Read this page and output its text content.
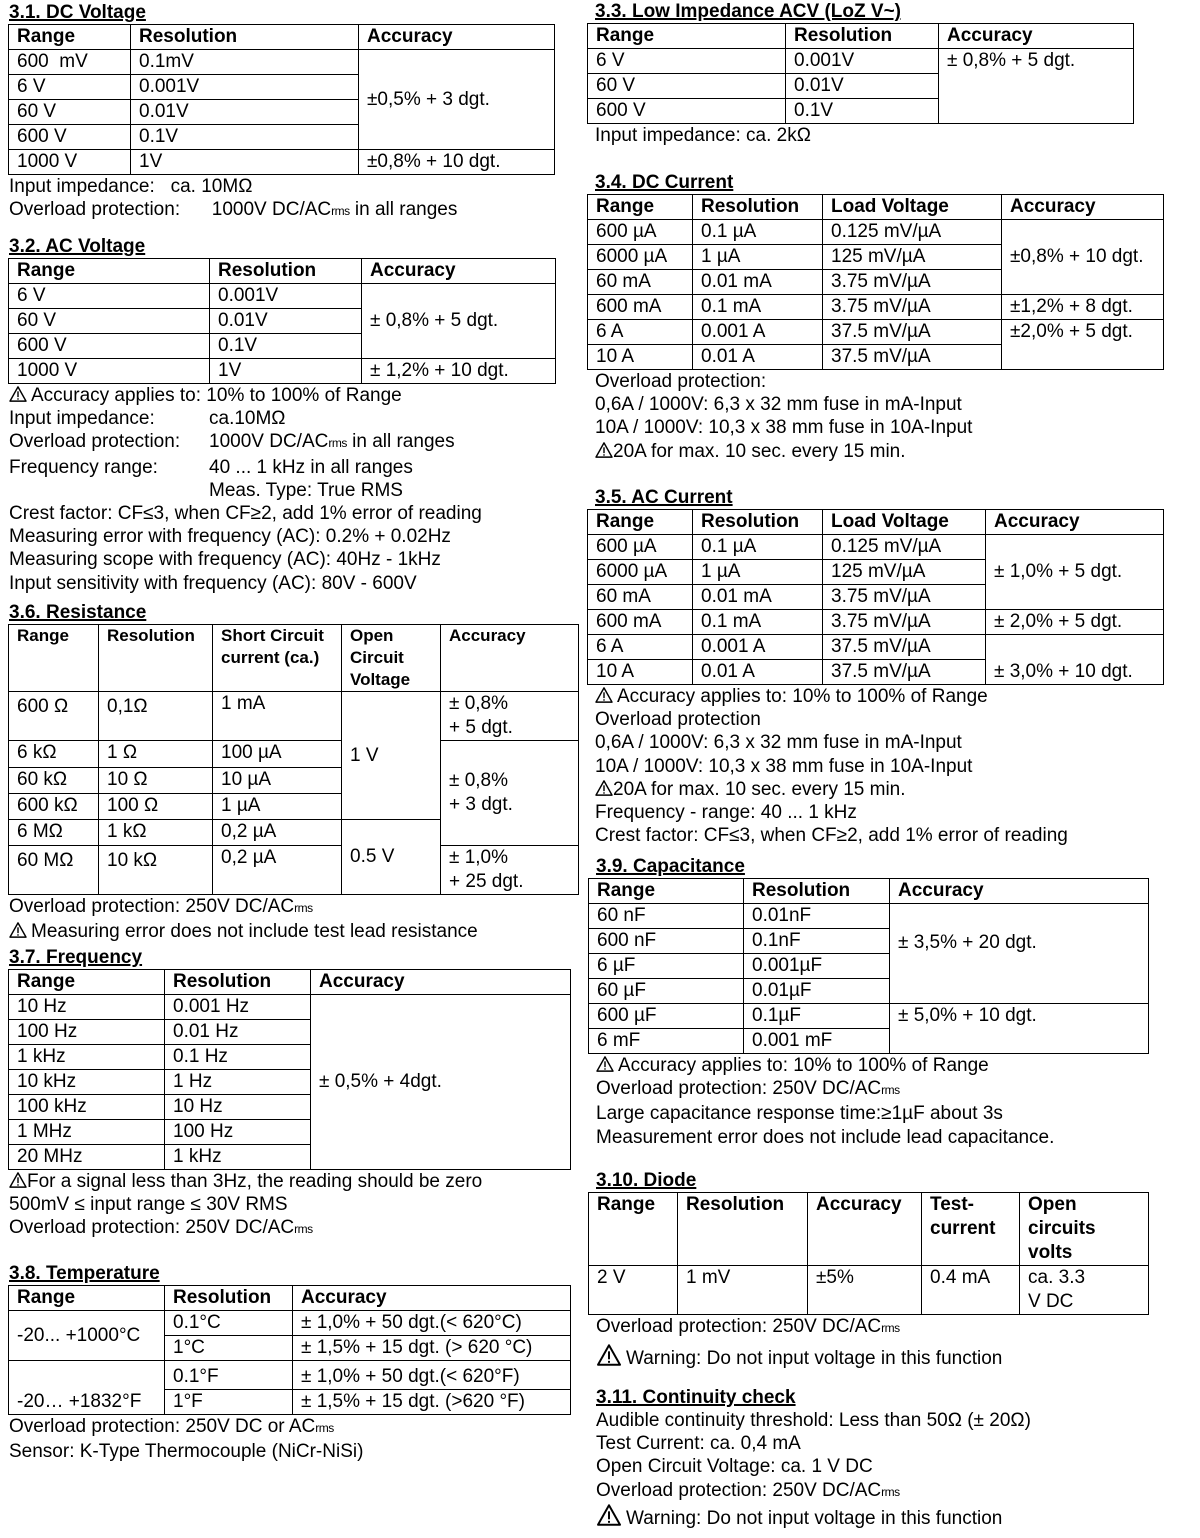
3.1. DC Voltage
Range	Resolution	Accuracy
600  mV	0.1mV	±0,5% + 3 dgt.
6 V	0.001V	
60 V	0.01V	
600 V	0.1V	
1000 V	1V	±0,8% + 10 dgt.
Input impedance: ca. 10MΩ
Overload protection: 1000V DC/ACrms in all ranges
3.2. AC Voltage
Range	Resolution	Accuracy
6 V	0.001V	± 0,8% + 5 dgt.
60 V	0.01V	
600 V	0.1V	
1000 V	1V	± 1,2% + 10 dgt.
Accuracy applies to: 10% to 100% of Range
Input impedance:	ca.10MΩ
Overload protection: 1000V DC/ACrms in all ranges
Frequency range:	40 ... 1 kHz in all ranges
Meas. Type: True RMS
Crest factor: CF≤3, when CF≥2, add 1% error of reading
Measuring error with frequency (AC): 0.2% + 0.02Hz
Measuring scope with frequency (AC): 40Hz - 1kHz
Input sensitivity with frequency (AC): 80V - 600V
3.6. Resistance
Range	Resolution	Short Circuit current (ca.)	Open Circuit Voltage	Accuracy
600 Ω	0,1Ω	1 mA	1 V	± 0,8%
+ 5 dgt.

6 kΩ	1 Ω	100 µA		± 0,8%
+ 3 dgt.

60 kΩ	10 Ω	10 µA		
600 kΩ	100 Ω	1 µA		
6 MΩ	1 kΩ	0,2 µA	0.5 V	
60 MΩ	10 kΩ	0,2 µA		± 1,0%
+ 25 dgt.
Overload protection: 250V DC/ACrms
Measuring error does not include test lead resistance
3.7. Frequency
Range	Resolution	Accuracy
10 Hz	0.001 Hz	± 0,5% + 4dgt.
100 Hz	0.01 Hz	
1 kHz	0.1 Hz	
10 kHz	1 Hz	
100 kHz	10 Hz	
1 MHz	100 Hz	
20 MHz	1 kHz	
For a signal less than 3Hz, the reading should be zero
500mV ≤ input range ≤ 30V RMS
Overload protection: 250V DC/ACrms
3.8. Temperature
Range	Resolution	Accuracy
-20... +1000°C	0.1°C	± 1,0% + 50 dgt.(< 620°C)
	1°C	± 1,5% + 15 dgt. (> 620 °C)
-20… +1832°F	0.1°F	± 1,0% + 50 dgt.(< 620°F)
	1°F	± 1,5% + 15 dgt. (>620 °F)
Overload protection: 250V DC or ACrms
Sensor: K-Type Thermocouple (NiCr-NiSi)
3.3. Low Impedance ACV (LoZ V~)
Range	Resolution	Accuracy
6 V	0.001V	± 0,8% + 5 dgt.
60 V	0.01V	
600 V	0.1V	
Input impedance: ca. 2kΩ
3.4. DC Current
Range	Resolution	Load Voltage	Accuracy
600 µA	0.1 µA	0.125 mV/µA	±0,8% + 10 dgt.
6000 µA	1 µA	125 mV/µA	
60 mA	0.01 mA	3.75 mV/µA	
600 mA	0.1 mA	3.75 mV/µA	±1,2% + 8 dgt.
6 A	0.001 A	37.5 mV/µA	±2,0% + 5 dgt.
10 A	0.01 A	37.5 mV/µA	
Overload protection:
0,6A / 1000V: 6,3 x 32 mm fuse in mA-Input
10A / 1000V: 10,3 x 38 mm fuse in 10A-Input
20A for max. 10 sec. every 15 min.
3.5. AC Current
Range	Resolution	Load Voltage	Accuracy
600 µA	0.1 µA	0.125 mV/µA	± 1,0% + 5 dgt.
6000 µA	1 µA	125 mV/µA	
60 mA	0.01 mA	3.75 mV/µA	
600 mA	0.1 mA	3.75 mV/µA	± 2,0% + 5 dgt.
6 A	0.001 A	37.5 mV/µA	± 3,0% + 10 dgt.
10 A	0.01 A	37.5 mV/µA	
Accuracy applies to: 10% to 100% of Range
Overload protection
0,6A / 1000V: 6,3 x 32 mm fuse in mA-Input
10A / 1000V: 10,3 x 38 mm fuse in 10A-Input
20A for max. 10 sec. every 15 min.
Frequency - range: 40 ... 1 kHz
Crest factor: CF≤3, when CF≥2, add 1% error of reading
3.9. Capacitance
Range	Resolution	Accuracy
60 nF	0.01nF	± 3,5% + 20 dgt.
600 nF	0.1nF	
6 µF	0.001µF	
60 µF	0.01µF	
600 µF	0.1µF	± 5,0% + 10 dgt.
6 mF	0.001 mF	
Accuracy applies to: 10% to 100% of Range
Overload protection: 250V DC/ACrms
Large capacitance response time:≥1µF about 3s
Measurement error does not include lead capacitance.
3.10. Diode
Range	Resolution	Accuracy	Test-current	Open circuits volts
2 V	1 mV	±5%	0.4 mA	ca. 3.3
V DC
Overload protection: 250V DC/ACrms
Warning: Do not input voltage in this function
3.11. Continuity check
Audible continuity threshold: Less than 50Ω (± 20Ω)
Test Current: ca. 0,4 mA
Open Circuit Voltage: ca. 1 V DC
Overload protection: 250V DC/ACrms
Warning: Do not input voltage in this function
